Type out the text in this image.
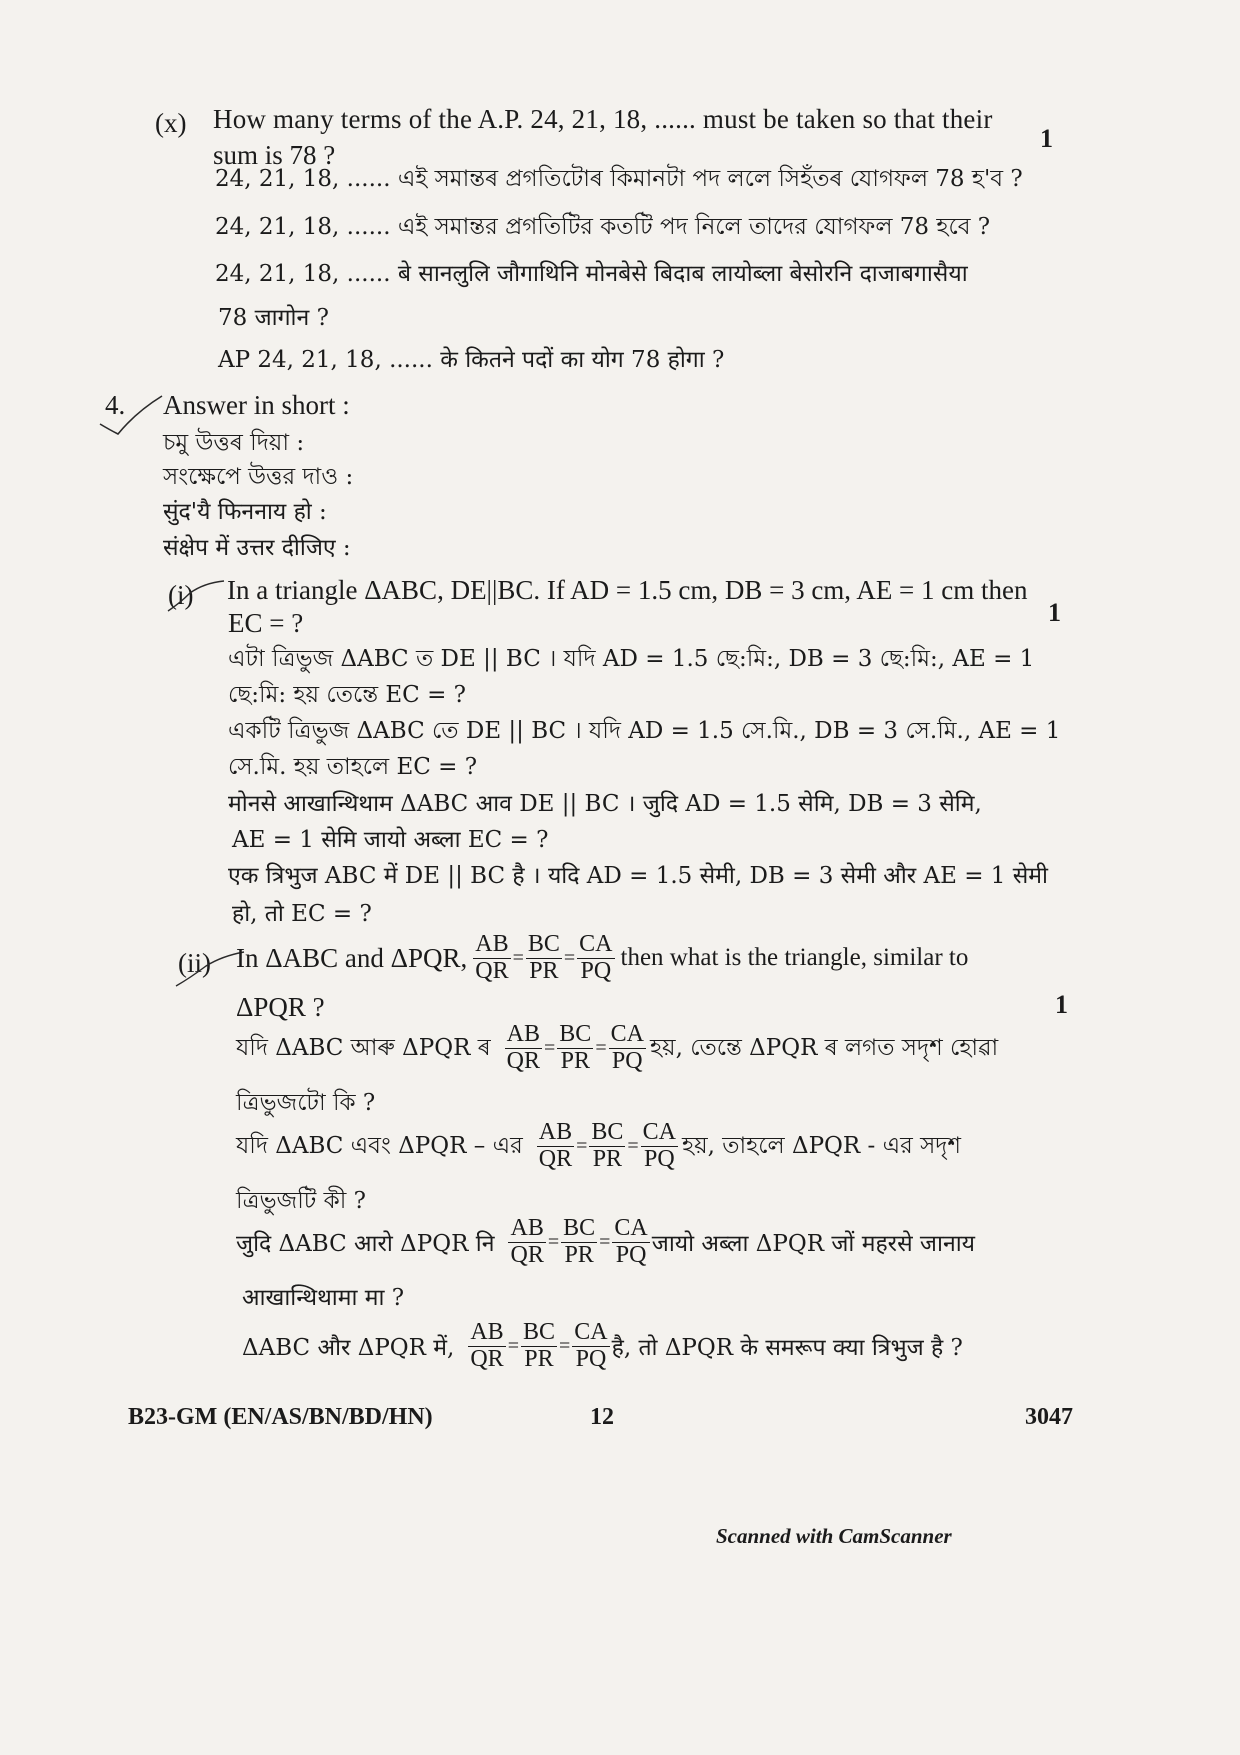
(x) How many terms of the A.P. 24, 21, 18, ...... must be taken so that their
sum is 78 ?
1
24, 21, 18, ...... এই সমান্তৰ প্ৰগতিটোৰ কিমানটা পদ ললে সিহঁতৰ যোগফল 78 হ'ব ?
24, 21, 18, ...... এই সমান্তর প্রগতিটির কতটি পদ নিলে তাদের যোগফল 78 হবে ?
24, 21, 18, ...... बे सानलुलि जौगाथिनि मोनबेसे बिदाब लायोब्ला बेसोरनि दाजाबगासैया
78 जागोन ?
AP 24, 21, 18, ...... के कितने पदों का योग 78 होगा ?
4. Answer in short :
চমু উত্তৰ দিয়া :
সংক্ষেপে উত্তর দাও :
सुंद'यै फिननाय हो :
संक्षेप में उत्तर दीजिए :
(i) In a triangle ΔABC, DE||BC. If AD = 1.5 cm, DB = 3 cm, AE = 1 cm then
EC = ?	1
এটা ত্ৰিভুজ ΔABC ত DE || BC । যদি AD = 1.5 ছে:মি:, DB = 3 ছে:মি:, AE = 1
ছে:মি: হয় তেন্তে EC = ?
একটি ত্রিভুজ ΔABC তে DE || BC । যদি AD = 1.5 সে.মি., DB = 3 সে.মি., AE = 1
সে.মি. হয় তাহলে EC = ?
मोनसे आखान्थिथाम ΔABC आव DE || BC । जुदि AD = 1.5 सेमि, DB = 3 सेमि,
AE = 1 सेमि जायो अब्ला EC = ?
एक त्रिभुज ABC में DE || BC है । यदि AD = 1.5 सेमी, DB = 3 सेमी और AE = 1 सेमी
हो, तो EC = ?
(ii)
1
In ΔABC and ΔPQR, $\frac{AB}{QR} = \frac{BC}{PR} = \frac{CA}{PQ}$ then what is the triangle, similar to
ΔPQR ?
যদি ΔABC আৰু ΔPQR ৰ $\frac{AB}{QR} = \frac{BC}{PR} = \frac{CA}{PQ}$ হয়, তেন্তে ΔPQR ৰ লগত সদৃশ হোৱা
ত্ৰিভুজটো কি ?
যদি ΔABC এবং ΔPQR – এর $\frac{AB}{QR} = \frac{BC}{PR} = \frac{CA}{PQ}$ হয়, তাহলে ΔPQR - এর সদৃশ
ত্রিভুজটি কী ?
जुदि ΔABC आरो ΔPQR नि $\frac{AB}{QR} = \frac{BC}{PR} = \frac{CA}{PQ}$ जायो अब्ला ΔPQR जों महरसे जानाय
आखान्थिथामा मा ?
ΔABC और ΔPQR में, $\frac{AB}{QR} = \frac{BC}{PR} = \frac{CA}{PQ}$ है, तो ΔPQR के समरूप क्या त्रिभुज है ?
B23-GM (EN/AS/BN/BD/HN)	12	3047
Scanned with CamScanner
